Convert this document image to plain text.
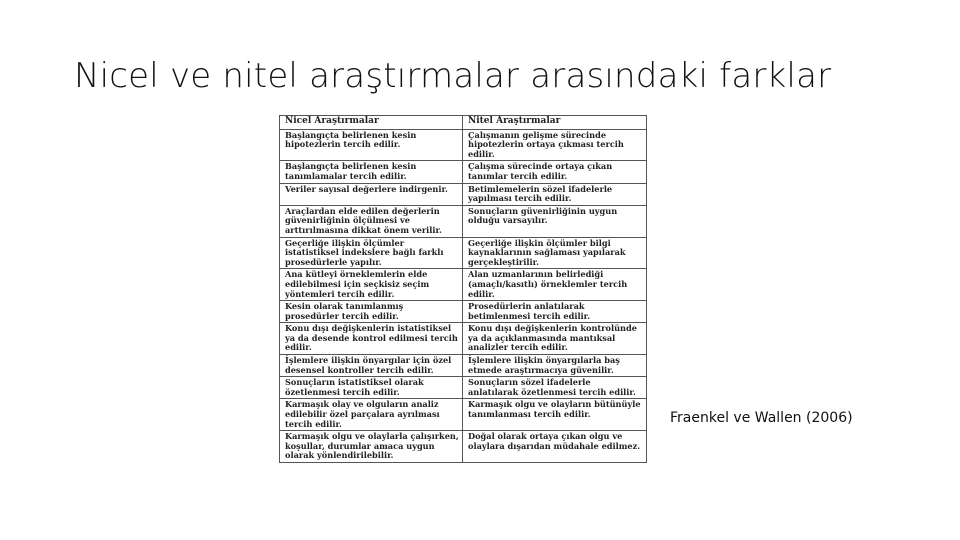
Nicel ve nitel araştırmalar arasındaki farklar
Nicel Araştırmalar	Nitel Araştırmalar
Başlangıçta belirlenen kesin hipotezlerin tercih edilir.	Çalışmanın gelişme sürecinde hipotezlerin ortaya çıkması tercih edilir.
Başlangıçta belirlenen kesin tanımlamalar tercih edilir.	Çalışma sürecinde ortaya çıkan tanımlar tercih edilir.
Veriler sayısal değerlere indirgenir.	Betimlemelerin sözel ifadelerle yapılması tercih edilir.
Araçlardan elde edilen değerlerin güvenirliğinin ölçülmesi ve arttırılmasına dikkat önem verilir.	Sonuçların güvenirliğinin uygun olduğu varsayılır.
Geçerliğe ilişkin ölçümler istatistiksel indekslere bağlı farklı prosedürlerle yapılır.	Geçerliğe ilişkin ölçümler bilgi kaynaklarının sağlaması yapılarak gerçekleştirilir.
Ana kütleyi örneklemlerin elde edilebilmesi için seçkisiz seçim yöntemleri tercih edilir.	Alan uzmanlarının belirlediği (amaçlı/kasıtlı) örneklemler tercih edilir.
Kesin olarak tanımlanmış prosedürler tercih edilir.	Prosedürlerin anlatılarak betimlenmesi tercih edilir.
Konu dışı değişkenlerin istatistiksel ya da desende kontrol edilmesi tercih edilir.	Konu dışı değişkenlerin kontrolünde ya da açıklanmasında mantıksal analizler tercih edilir.
İşlemlere ilişkin önyargılar için özel desensel kontroller tercih edilir.	İşlemlere ilişkin önyargılarla baş etmede araştırmacıya güvenilir.
Sonuçların istatistiksel olarak özetlenmesi tercih edilir.	Sonuçların sözel ifadelerle anlatılarak özetlenmesi tercih edilir.
Karmaşık olay ve olguların analiz edilebilir özel parçalara ayrılması tercih edilir.	Karmaşık olgu ve olayların bütünüyle tanımlanması tercih edilir.
Karmaşık olgu ve olaylarla çalışırken, koşullar, durumlar amaca uygun olarak yönlendirilebilir.	Doğal olarak ortaya çıkan olgu ve olaylara dışarıdan müdahale edilmez.
Fraenkel ve Wallen (2006)
